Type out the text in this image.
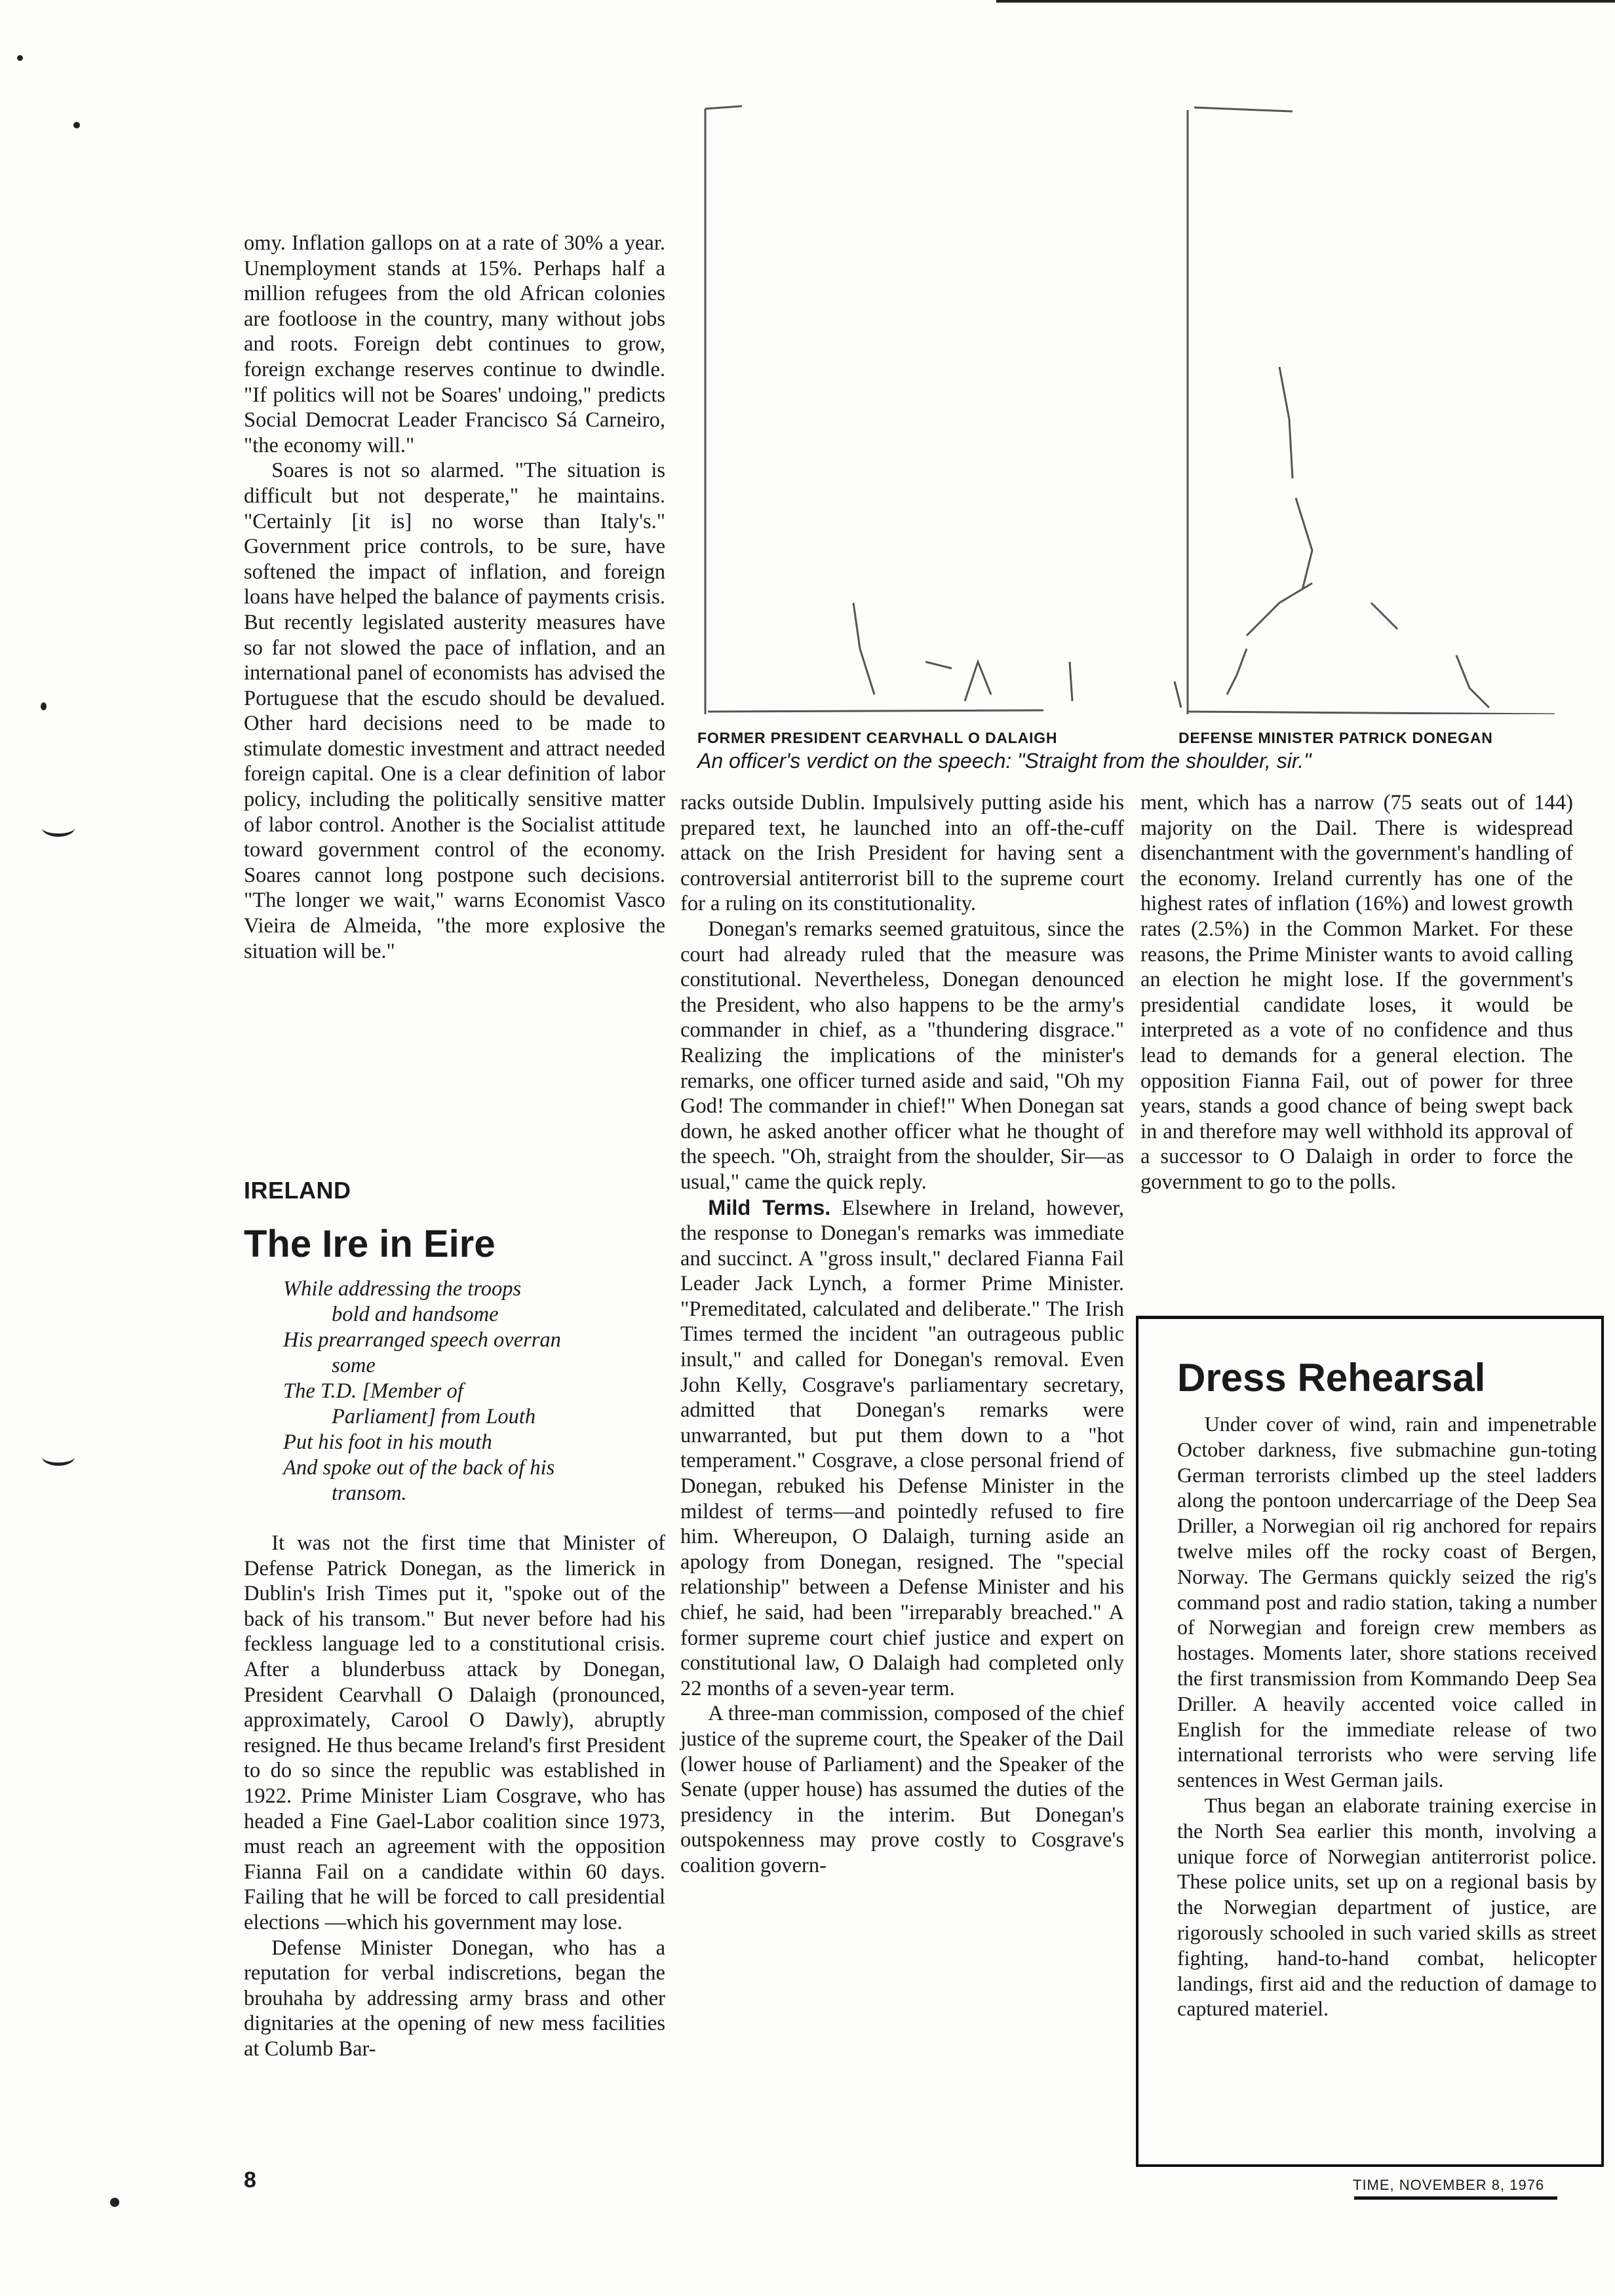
omy. Inflation gallops on at a rate of 30% a year. Unemployment stands at 15%. Perhaps half a million refugees from the old African colonies are footloose in the country, many without jobs and roots. Foreign debt continues to grow, foreign exchange reserves continue to dwindle. "If politics will not be Soares' undoing," predicts Social Democrat Leader Francisco Sá Carneiro, "the economy will."

Soares is not so alarmed. "The situation is difficult but not desperate," he maintains. "Certainly [it is] no worse than Italy's." Government price controls, to be sure, have softened the impact of inflation, and foreign loans have helped the balance of payments crisis. But recently legislated austerity measures have so far not slowed the pace of inflation, and an international panel of economists has advised the Portuguese that the escudo should be devalued. Other hard decisions need to be made to stimulate domestic investment and attract needed foreign capital. One is a clear definition of labor policy, including the politically sensitive matter of labor control. Another is the Socialist attitude toward government control of the economy. Soares cannot long postpone such decisions. "The longer we wait," warns Economist Vasco Vieira de Almeida, "the more explosive the situation will be."

IRELAND
The Ire in Eire
While addressing the troops
bold and handsome
His prearranged speech overran
some
The T.D. [Member of
Parliament] from Louth
Put his foot in his mouth
And spoke out of the back of his
transom.

It was not the first time that Minister of Defense Patrick Donegan, as the limerick in Dublin's Irish Times put it, "spoke out of the back of his transom." But never before had his feckless language led to a constitutional crisis. After a blunderbuss attack by Donegan, President Cearvhall O Dalaigh (pronounced, approximately, Carool O Dawly), abruptly resigned. He thus became Ireland's first President to do so since the republic was established in 1922. Prime Minister Liam Cosgrave, who has headed a Fine Gael-Labor coalition since 1973, must reach an agreement with the opposition Fianna Fail on a candidate within 60 days. Failing that he will be forced to call presidential elections —which his government may lose.

Defense Minister Donegan, who has a reputation for verbal indiscretions, began the brouhaha by addressing army brass and other dignitaries at the opening of new mess facilities at Columb Bar-

FORMER PRESIDENT CEARVHALL O DALAIGH	DEFENSE MINISTER PATRICK DONEGAN
An officer's verdict on the speech: "Straight from the shoulder, sir."

racks outside Dublin. Impulsively putting aside his prepared text, he launched into an off-the-cuff attack on the Irish President for having sent a controversial antiterrorist bill to the supreme court for a ruling on its constitutionality.

Donegan's remarks seemed gratuitous, since the court had already ruled that the measure was constitutional. Nevertheless, Donegan denounced the President, who also happens to be the army's commander in chief, as a "thundering disgrace." Realizing the implications of the minister's remarks, one officer turned aside and said, "Oh my God! The commander in chief!" When Donegan sat down, he asked another officer what he thought of the speech. "Oh, straight from the shoulder, Sir—as usual," came the quick reply.

Mild Terms. Elsewhere in Ireland, however, the response to Donegan's remarks was immediate and succinct. A "gross insult," declared Fianna Fail Leader Jack Lynch, a former Prime Minister. "Premeditated, calculated and deliberate." The Irish Times termed the incident "an outrageous public insult," and called for Donegan's removal. Even John Kelly, Cosgrave's parliamentary secretary, admitted that Donegan's remarks were unwarranted, but put them down to a "hot temperament." Cosgrave, a close personal friend of Donegan, rebuked his Defense Minister in the mildest of terms—and pointedly refused to fire him. Whereupon, O Dalaigh, turning aside an apology from Donegan, resigned. The "special relationship" between a Defense Minister and his chief, he said, had been "irreparably breached." A former supreme court chief justice and expert on constitutional law, O Dalaigh had completed only 22 months of a seven-year term.

A three-man commission, composed of the chief justice of the supreme court, the Speaker of the Dail (lower house of Parliament) and the Speaker of the Senate (upper house) has assumed the duties of the presidency in the interim. But Donegan's outspokenness may prove costly to Cosgrave's coalition govern-

ment, which has a narrow (75 seats out of 144) majority on the Dail. There is widespread disenchantment with the government's handling of the economy. Ireland currently has one of the highest rates of inflation (16%) and lowest growth rates (2.5%) in the Common Market. For these reasons, the Prime Minister wants to avoid calling an election he might lose. If the government's presidential candidate loses, it would be interpreted as a vote of no confidence and thus lead to demands for a general election. The opposition Fianna Fail, out of power for three years, stands a good chance of being swept back in and therefore may well withhold its approval of a successor to O Dalaigh in order to force the government to go to the polls.

Dress Rehearsal

Under cover of wind, rain and impenetrable October darkness, five submachine gun-toting German terrorists climbed up the steel ladders along the pontoon undercarriage of the Deep Sea Driller, a Norwegian oil rig anchored for repairs twelve miles off the rocky coast of Bergen, Norway. The Germans quickly seized the rig's command post and radio station, taking a number of Norwegian and foreign crew members as hostages. Moments later, shore stations received the first transmission from Kommando Deep Sea Driller. A heavily accented voice called in English for the immediate release of two international terrorists who were serving life sentences in West German jails.

Thus began an elaborate training exercise in the North Sea earlier this month, involving a unique force of Norwegian antiterrorist police. These police units, set up on a regional basis by the Norwegian department of justice, are rigorously schooled in such varied skills as street fighting, hand-to-hand combat, helicopter landings, first aid and the reduction of damage to captured materiel.

8	TIME, NOVEMBER 8, 1976
